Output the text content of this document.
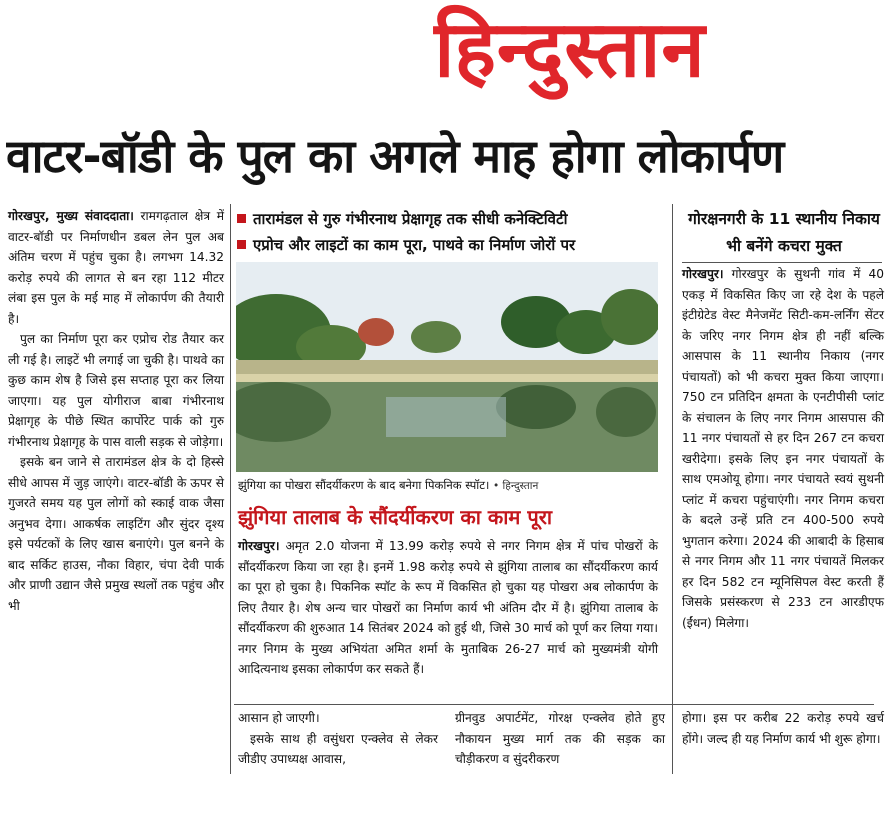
हिन्दुस्तान
वाटर-बॉडी के पुल का अगले माह होगा लोकार्पण

गोरखपुर, मुख्य संवाददाता। रामगढ़ताल क्षेत्र में वाटर-बॉडी पर निर्माणधीन डबल लेन पुल अब अंतिम चरण में पहुंच चुका है। लगभग 14.32 करोड़ रुपये की लागत से बन रहा 112 मीटर लंबा इस पुल के मई माह में लोकार्पण की तैयारी है।

पुल का निर्माण पूरा कर एप्रोच रोड तैयार कर ली गई है। लाइटें भी लगाई जा चुकी है। पाथवे का कुछ काम शेष है जिसे इस सप्ताह पूरा कर लिया जाएगा। यह पुल योगीराज बाबा गंभीरनाथ प्रेक्षागृह के पीछे स्थित कार्पोरेट पार्क को गुरु गंभीरनाथ प्रेक्षागृह के पास वाली सड़क से जोड़ेगा।

इसके बन जाने से तारामंडल क्षेत्र के दो हिस्से सीधे आपस में जुड़ जाएंगे। वाटर-बॉडी के ऊपर से गुजरते समय यह पुल लोगों को स्काई वाक जैसा अनुभव देगा। आकर्षक लाइटिंग और सुंदर दृश्य इसे पर्यटकों के लिए खास बनाएंगे। पुल बनने के बाद सर्किट हाउस, नौका विहार, चंपा देवी पार्क और प्राणी उद्यान जैसे प्रमुख स्थलों तक पहुंच और भी

तारामंडल से गुरु गंभीरनाथ प्रेक्षागृह तक सीधी कनेक्टिविटी
एप्रोच और लाइटों का काम पूरा, पाथवे का निर्माण जोरों पर
झुंगिया का पोखरा सौंदर्यीकरण के बाद बनेगा पिकनिक स्पॉट। • हिन्दुस्तान
झुंगिया तालाब के सौंदर्यीकरण का काम पूरा

गोरखपुर। अमृत 2.0 योजना में 13.99 करोड़ रुपये से नगर निगम क्षेत्र में पांच पोखरों के सौंदर्यीकरण किया जा रहा है। इनमें 1.98 करोड़ रुपये से झुंगिया तालाब का सौंदर्यीकरण कार्य का पूरा हो चुका है। पिकनिक स्पॉट के रूप में विकसित हो चुका यह पोखरा अब लोकार्पण के लिए तैयार है। शेष अन्य चार पोखरों का निर्माण कार्य भी अंतिम दौर में है। झुंगिया तालाब के सौंदर्यीकरण की शुरुआत 14 सितंबर 2024 को हुई थी, जिसे 30 मार्च को पूर्ण कर लिया गया। नगर निगम के मुख्य अभियंता अमित शर्मा के मुताबिक 26-27 मार्च को मुख्यमंत्री योगी आदित्यनाथ इसका लोकार्पण कर सकते हैं।

आसान हो जाएगी।

इसके साथ ही वसुंधरा एन्क्लेव से लेकर जीडीए उपाध्यक्ष आवास,

ग्रीनवुड अपार्टमेंट, गोरक्ष एन्क्लेव होते हुए नौकायन मुख्य मार्ग तक की सड़क का चौड़ीकरण व सुंदरीकरण

गोरक्षनगरी के 11 स्थानीय निकाय भी बनेंगे कचरा मुक्त

गोरखपुर। गोरखपुर के सुथनी गांव में 40 एकड़ में विकसित किए जा रहे देश के पहले इंटीग्रेटेड वेस्ट मैनेजमेंट सिटी-कम-लर्निंग सेंटर के जरिए नगर निगम क्षेत्र ही नहीं बल्कि आसपास के 11 स्थानीय निकाय (नगर पंचायतों) को भी कचरा मुक्त किया जाएगा। 750 टन प्रतिदिन क्षमता के एनटीपीसी प्लांट के संचालन के लिए नगर निगम आसपास की 11 नगर पंचायतों से हर दिन 267 टन कचरा खरीदेगा। इसके लिए इन नगर पंचायतों के साथ एमओयू होगा। नगर पंचायते स्वयं सुथनी प्लांट में कचरा पहुंचाएंगी। नगर निगम कचरा के बदले उन्हें प्रति टन 400-500 रुपये भुगतान करेगा। 2024 की आबादी के हिसाब से नगर निगम और 11 नगर पंचायतें मिलकर हर दिन 582 टन म्यूनिसिपल वेस्ट करती हैं जिसके प्रसंस्करण से 233 टन आरडीएफ (ईंधन) मिलेगा।

होगा। इस पर करीब 22 करोड़ रुपये खर्च होंगे। जल्द ही यह निर्माण कार्य भी शुरू होगा।
